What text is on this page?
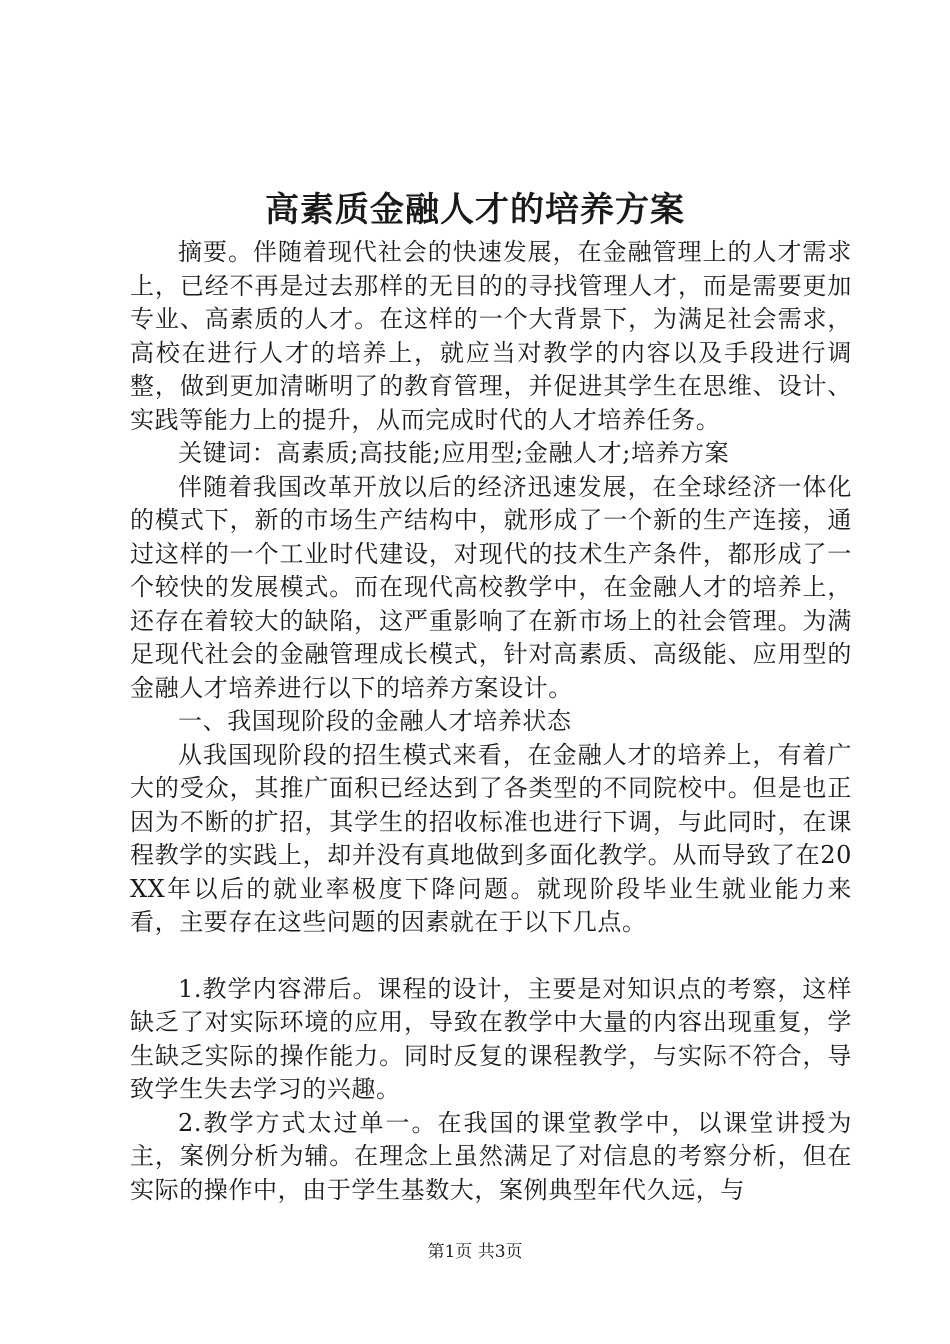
高素质金融人才的培养方案

摘要。伴随着现代社会的快速发展，在金融管理上的人才需求上，已经不再是过去那样的无目的的寻找管理人才，而是需要更加专业、高素质的人才。在这样的一个大背景下，为满足社会需求，高校在进行人才的培养上，就应当对教学的内容以及手段进行调整，做到更加清晰明了的教育管理，并促进其学生在思维、设计、实践等能力上的提升，从而完成时代的人才培养任务。

关键词：高素质;高技能;应用型;金融人才;培养方案

伴随着我国改革开放以后的经济迅速发展，在全球经济一体化的模式下，新的市场生产结构中，就形成了一个新的生产连接，通过这样的一个工业时代建设，对现代的技术生产条件，都形成了一个较快的发展模式。而在现代高校教学中，在金融人才的培养上，还存在着较大的缺陷，这严重影响了在新市场上的社会管理。为满足现代社会的金融管理成长模式，针对高素质、高级能、应用型的金融人才培养进行以下的培养方案设计。

一、我国现阶段的金融人才培养状态

从我国现阶段的招生模式来看，在金融人才的培养上，有着广大的受众，其推广面积已经达到了各类型的不同院校中。但是也正因为不断的扩招，其学生的招收标准也进行下调，与此同时，在课程教学的实践上，却并没有真地做到多面化教学。从而导致了在20XX年以后的就业率极度下降问题。就现阶段毕业生就业能力来看，主要存在这些问题的因素就在于以下几点。

1.教学内容滞后。课程的设计，主要是对知识点的考察，这样缺乏了对实际环境的应用，导致在教学中大量的内容出现重复，学生缺乏实际的操作能力。同时反复的课程教学，与实际不符合，导致学生失去学习的兴趣。

2.教学方式太过单一。在我国的课堂教学中，以课堂讲授为主，案例分析为辅。在理念上虽然满足了对信息的考察分析，但在实际的操作中，由于学生基数大，案例典型年代久远，与

第1页 共3页
